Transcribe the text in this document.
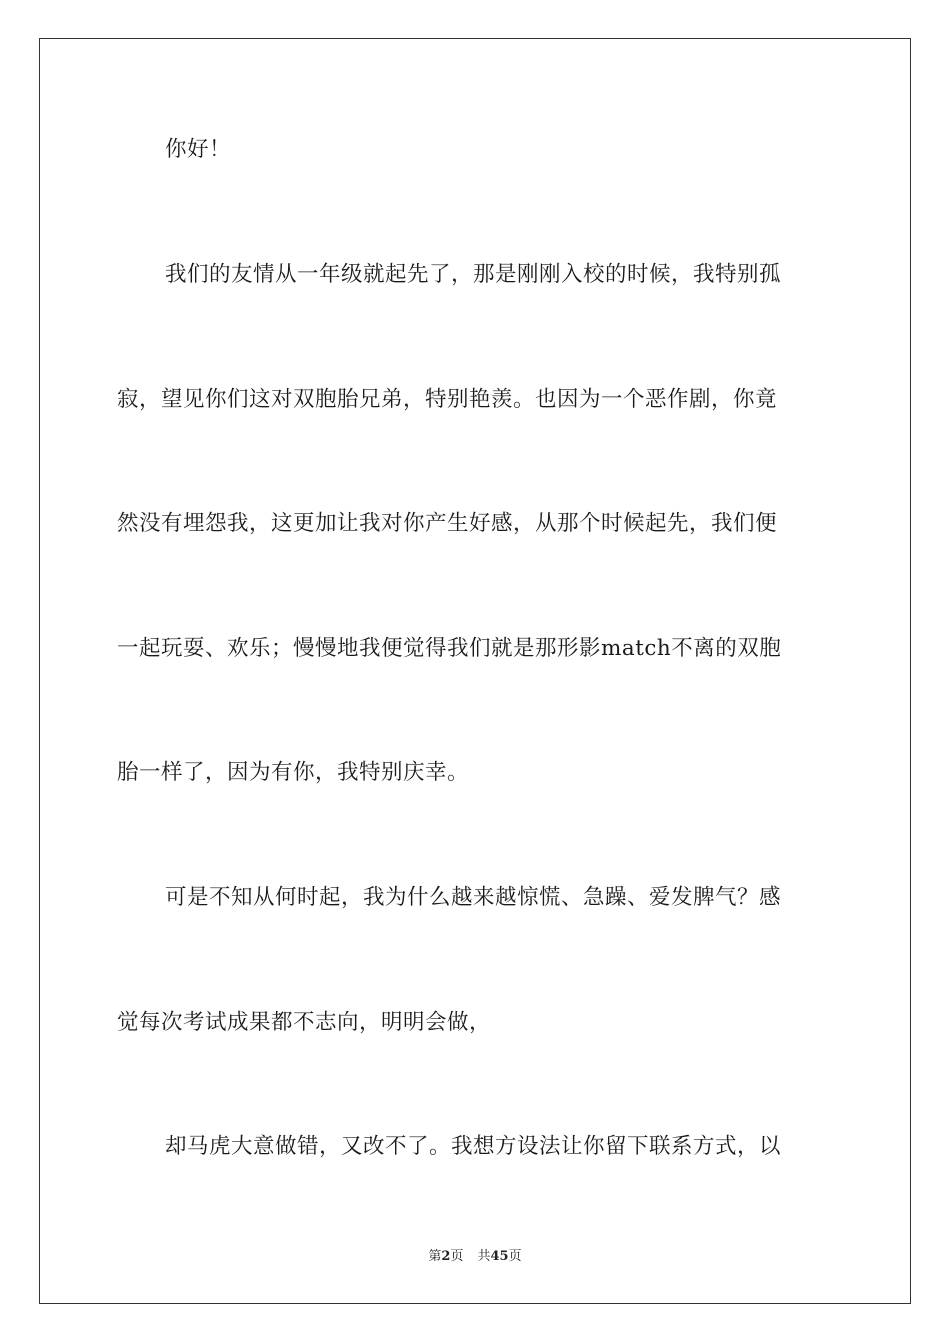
你好！
我们的友情从一年级就起先了，那是刚刚入校的时候，我特别孤
寂，望见你们这对双胞胎兄弟，特别艳羡。也因为一个恶作剧，你竟
然没有埋怨我，这更加让我对你产生好感，从那个时候起先，我们便
一起玩耍、欢乐；慢慢地我便觉得我们就是那形影match不离的双胞
胎一样了，因为有你，我特别庆幸。
可是不知从何时起，我为什么越来越惊慌、急躁、爱发脾气？感
觉每次考试成果都不志向，明明会做，
却马虎大意做错，又改不了。我想方设法让你留下联系方式，以
第2页 共45页
